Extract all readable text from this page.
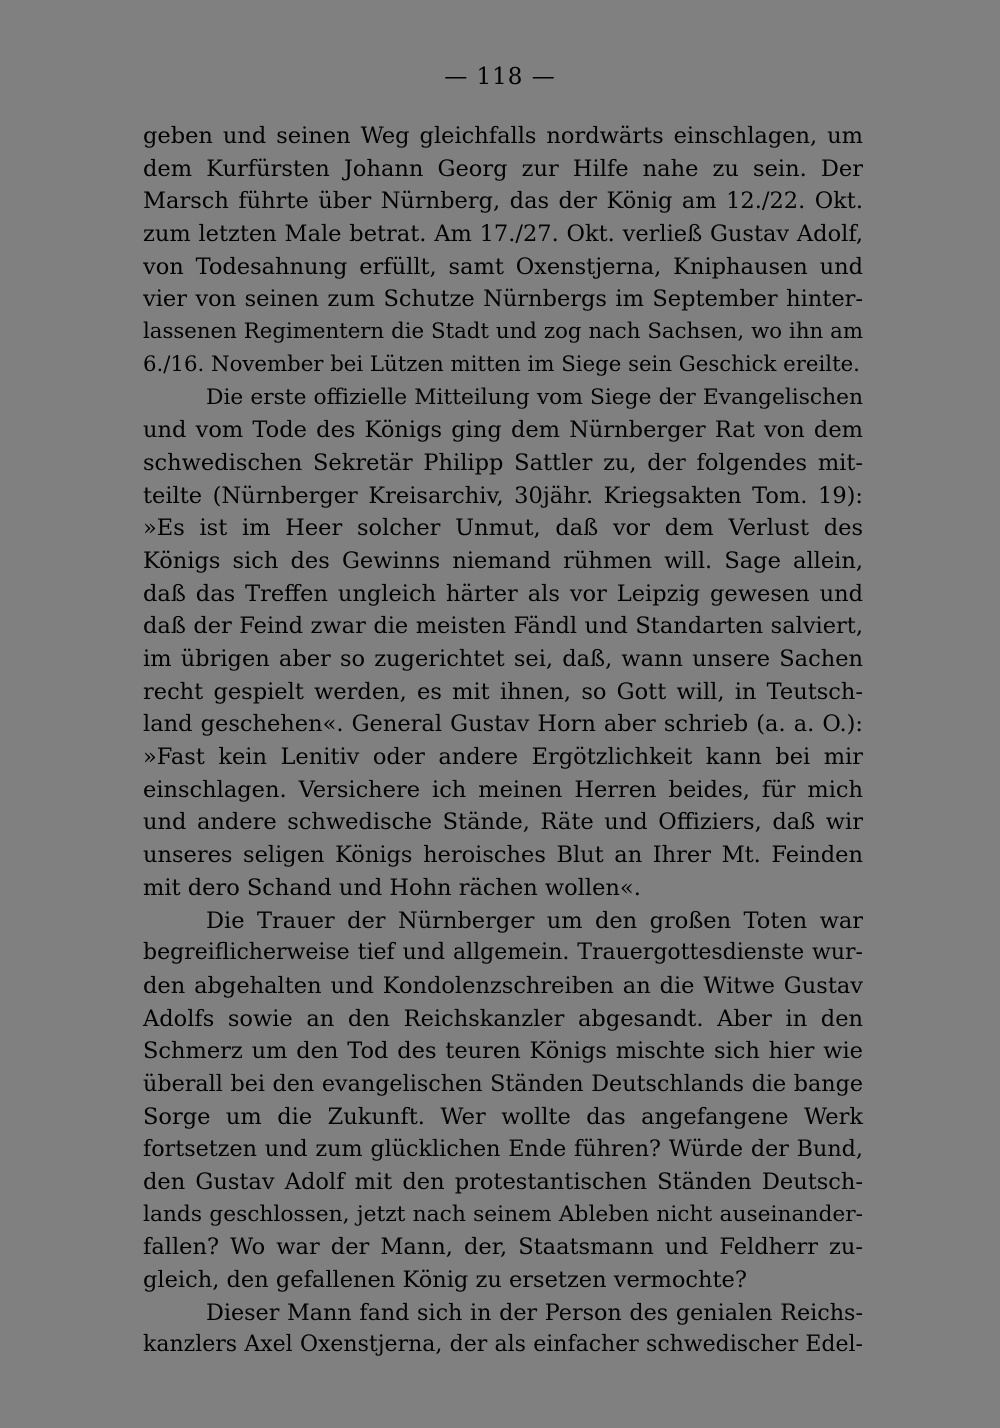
— 118 —
geben und seinen Weg gleichfalls nordwärts einschlagen, um
dem Kurfürsten Johann Georg zur Hilfe nahe zu sein. Der
Marsch führte über Nürnberg, das der König am 12./22. Okt.
zum letzten Male betrat. Am 17./27. Okt. verließ Gustav Adolf,
von Todesahnung erfüllt, samt Oxenstjerna, Kniphausen und
vier von seinen zum Schutze Nürnbergs im September hinter-
lassenen Regimentern die Stadt und zog nach Sachsen, wo ihn am
6./16. November bei Lützen mitten im Siege sein Geschick ereilte.
Die erste offizielle Mitteilung vom Siege der Evangelischen
und vom Tode des Königs ging dem Nürnberger Rat von dem
schwedischen Sekretär Philipp Sattler zu, der folgendes mit-
teilte (Nürnberger Kreisarchiv, 30jähr. Kriegsakten Tom. 19):
»Es ist im Heer solcher Unmut, daß vor dem Verlust des
Königs sich des Gewinns niemand rühmen will. Sage allein,
daß das Treffen ungleich härter als vor Leipzig gewesen und
daß der Feind zwar die meisten Fändl und Standarten salviert,
im übrigen aber so zugerichtet sei, daß, wann unsere Sachen
recht gespielt werden, es mit ihnen, so Gott will, in Teutsch-
land geschehen«. General Gustav Horn aber schrieb (a. a. O.):
»Fast kein Lenitiv oder andere Ergötzlichkeit kann bei mir
einschlagen. Versichere ich meinen Herren beides, für mich
und andere schwedische Stände, Räte und Offiziers, daß wir
unseres seligen Königs heroisches Blut an Ihrer Mt. Feinden
mit dero Schand und Hohn rächen wollen«.
Die Trauer der Nürnberger um den großen Toten war
begreiflicherweise tief und allgemein. Trauergottesdienste wur-
den abgehalten und Kondolenzschreiben an die Witwe Gustav
Adolfs sowie an den Reichskanzler abgesandt. Aber in den
Schmerz um den Tod des teuren Königs mischte sich hier wie
überall bei den evangelischen Ständen Deutschlands die bange
Sorge um die Zukunft. Wer wollte das angefangene Werk
fortsetzen und zum glücklichen Ende führen? Würde der Bund,
den Gustav Adolf mit den protestantischen Ständen Deutsch-
lands geschlossen, jetzt nach seinem Ableben nicht auseinander-
fallen? Wo war der Mann, der, Staatsmann und Feldherr zu-
gleich, den gefallenen König zu ersetzen vermochte?
Dieser Mann fand sich in der Person des genialen Reichs-
kanzlers Axel Oxenstjerna, der als einfacher schwedischer Edel-
